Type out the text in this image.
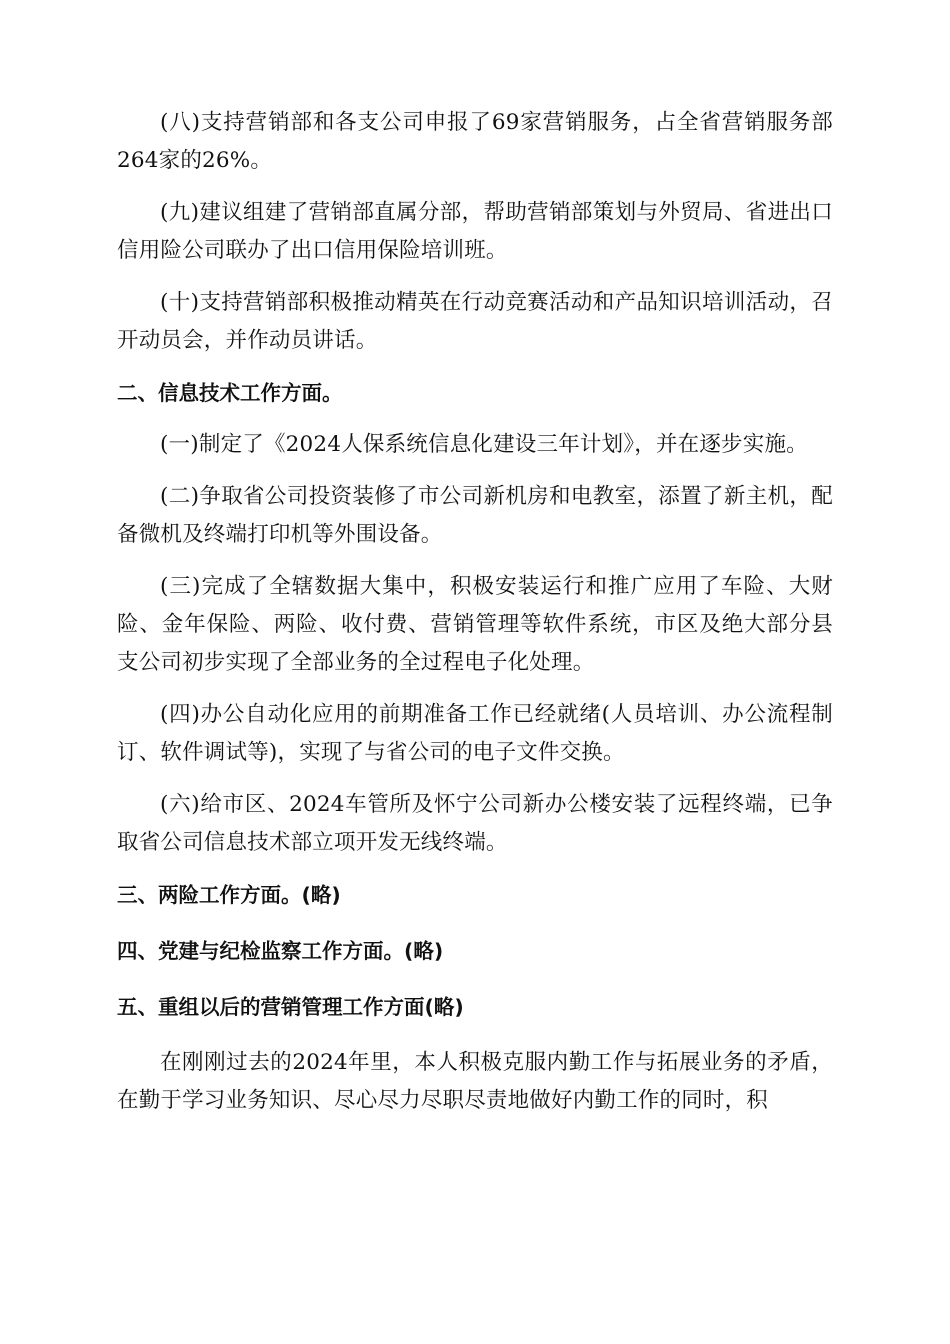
(八)支持营销部和各支公司申报了69家营销服务，占全省营销服务部264家的26%。

(九)建议组建了营销部直属分部，帮助营销部策划与外贸局、省进出口信用险公司联办了出口信用保险培训班。

(十)支持营销部积极推动精英在行动竞赛活动和产品知识培训活动，召开动员会，并作动员讲话。

二、信息技术工作方面。

(一)制定了《2024人保系统信息化建设三年计划》，并在逐步实施。

(二)争取省公司投资装修了市公司新机房和电教室，添置了新主机，配备微机及终端打印机等外围设备。

(三)完成了全辖数据大集中，积极安装运行和推广应用了车险、大财险、金年保险、两险、收付费、营销管理等软件系统，市区及绝大部分县支公司初步实现了全部业务的全过程电子化处理。

(四)办公自动化应用的前期准备工作已经就绪(人员培训、办公流程制订、软件调试等)，实现了与省公司的电子文件交换。

(六)给市区、2024车管所及怀宁公司新办公楼安装了远程终端，已争取省公司信息技术部立项开发无线终端。

三、两险工作方面。(略)

四、党建与纪检监察工作方面。(略)

五、重组以后的营销管理工作方面(略)

在刚刚过去的2024年里，本人积极克服内勤工作与拓展业务的矛盾，在勤于学习业务知识、尽心尽力尽职尽责地做好内勤工作的同时，积
